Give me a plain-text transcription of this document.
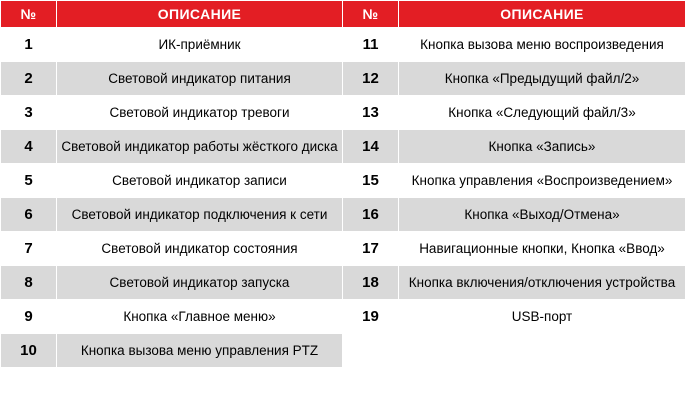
№	ОПИСАНИЕ	№	ОПИСАНИЕ
1	ИК-приёмник	11	Кнопка вызова меню воспроизведения
2	Световой индикатор питания	12	Кнопка «Предыдущий файл/2»
3	Световой индикатор тревоги	13	Кнопка «Следующий файл/3»
4	Световой индикатор работы жёсткого диска	14	Кнопка «Запись»
5	Световой индикатор записи	15	Кнопка управления «Воспроизведением»
6	Световой индикатор подключения к сети	16	Кнопка «Выход/Отмена»
7	Световой индикатор состояния	17	Навигационные кнопки, Кнопка «Ввод»
8	Световой индикатор запуска	18	Кнопка включения/отключения устройства
9	Кнопка «Главное меню»	19	USB-порт
10	Кнопка вызова меню управления PTZ		
